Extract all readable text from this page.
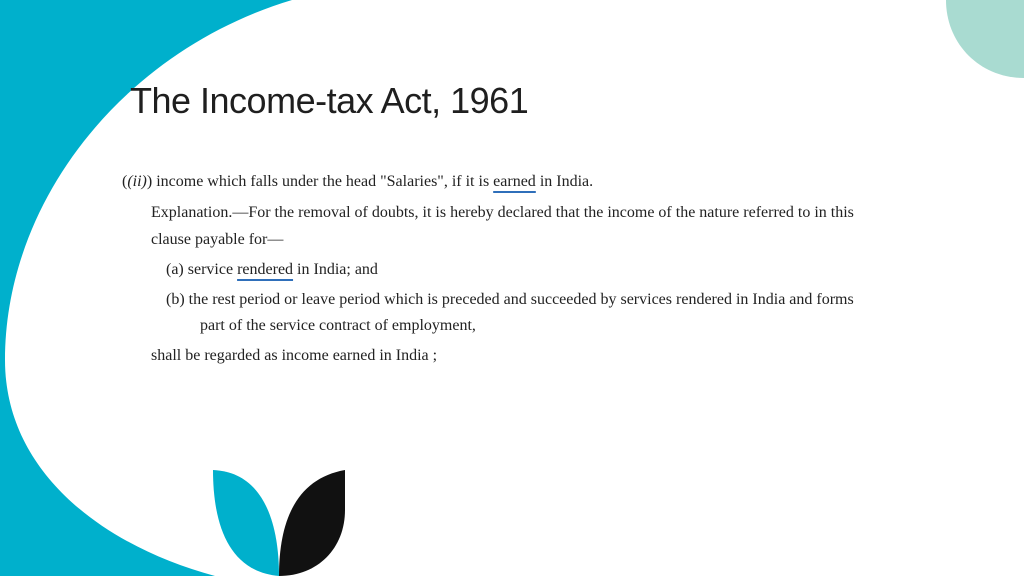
The Income-tax Act, 1961
((ii)) income which falls under the head "Salaries", if it is earned in India.
Explanation.—For the removal of doubts, it is hereby declared that the income of the nature referred to in this
clause payable for—
(a) service rendered in India; and
(b) the rest period or leave period which is preceded and succeeded by services rendered in India and forms
part of the service contract of employment,
shall be regarded as income earned in India ;
